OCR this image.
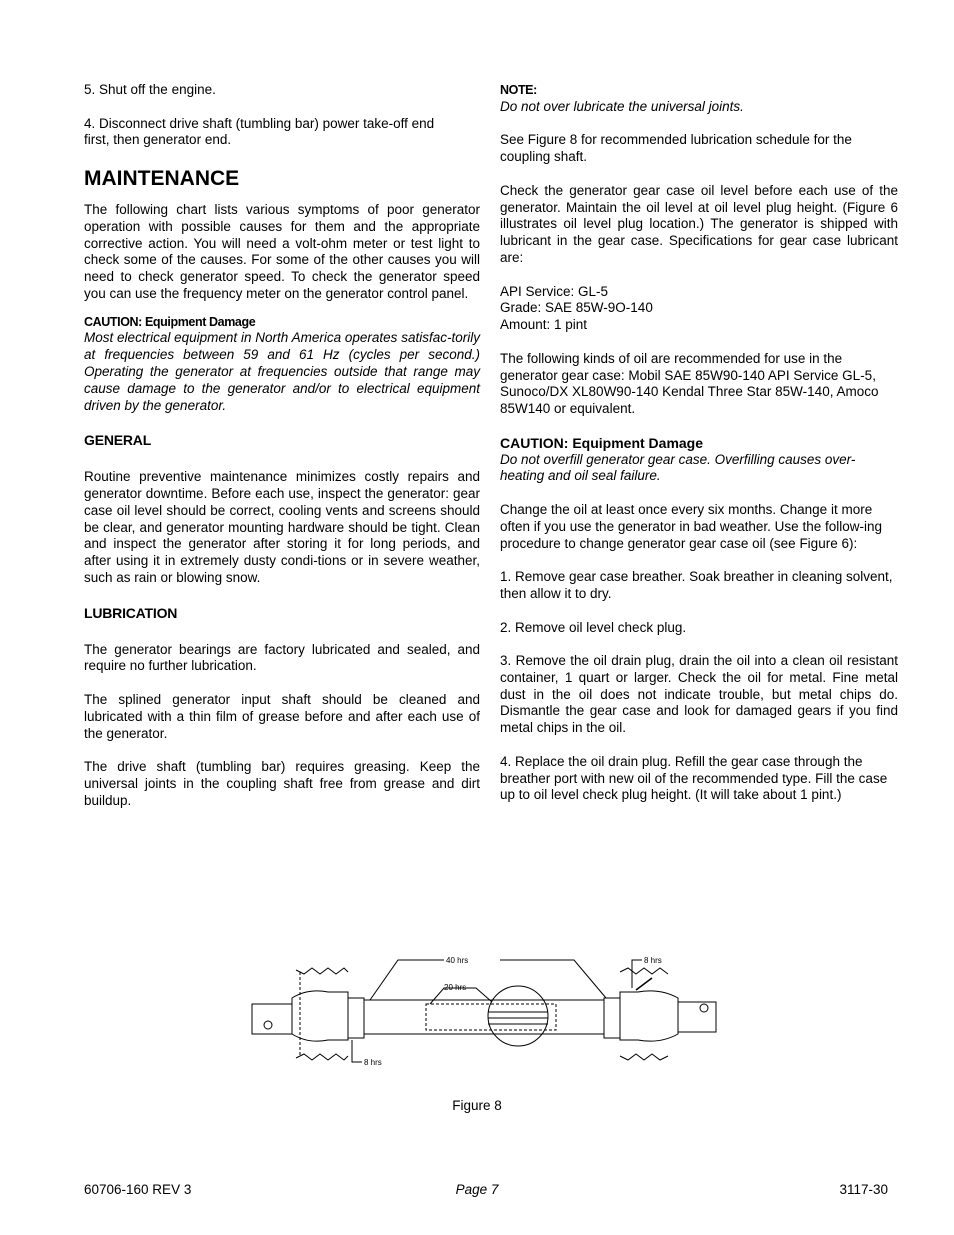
5. Shut off the engine.

4. Disconnect drive shaft (tumbling bar) power take-off end
first, then generator end.

MAINTENANCE

The following chart lists various symptoms of poor generator operation with possible causes for them and the appropriate corrective action. You will need a volt-ohm meter or test light to check some of the causes. For some of the other causes you will need to check generator speed. To check the generator speed you can use the frequency meter on the generator control panel.

CAUTION: Equipment Damage

Most electrical equipment in North America operates satisfac-torily at frequencies between 59 and 61 Hz (cycles per second.) Operating the generator at frequencies outside that range may cause damage to the generator and/or to electrical equipment driven by the generator.

GENERAL

Routine preventive maintenance minimizes costly repairs and generator downtime. Before each use, inspect the generator: gear case oil level should be correct, cooling vents and screens should be clear, and generator mounting hardware should be tight. Clean and inspect the generator after storing it for long periods, and after using it in extremely dusty condi-tions or in severe weather, such as rain or blowing snow.

LUBRICATION

The generator bearings are factory lubricated and sealed, and require no further lubrication.

The splined generator input shaft should be cleaned and lubricated with a thin film of grease before and after each use of the generator.

The drive shaft (tumbling bar) requires greasing. Keep the universal joints in the coupling shaft free from grease and dirt buildup.

NOTE:

Do not over lubricate the universal joints.

See Figure 8 for recommended lubrication schedule for the coupling shaft.

Check the generator gear case oil level before each use of the generator. Maintain the oil level at oil level plug height. (Figure 6 illustrates oil level plug location.) The generator is shipped with lubricant in the gear case. Specifications for gear case lubricant are:

API Service: GL-5
Grade: SAE 85W-9O-140
Amount: 1 pint

The following kinds of oil are recommended for use in the generator gear case: Mobil SAE 85W90-140 API Service GL-5, Sunoco/DX XL80W90-140 Kendal Three Star 85W-140, Amoco 85W140 or equivalent.

CAUTION: Equipment Damage

Do not overfill generator gear case. Overfilling causes over-heating and oil seal failure.

Change the oil at least once every six months. Change it more often if you use the generator in bad weather. Use the follow-ing procedure to change generator gear case oil (see Figure 6):

1. Remove gear case breather. Soak breather in cleaning solvent, then allow it to dry.

2. Remove oil level check plug.

3. Remove the oil drain plug, drain the oil into a clean oil resistant container, 1 quart or larger. Check the oil for metal. Fine metal dust in the oil does not indicate trouble, but metal chips do. Dismantle the gear case and look for damaged gears if you find metal chips in the oil.

4. Replace the oil drain plug. Refill the gear case through the breather port with new oil of the recommended type. Fill the case up to oil level check plug height. (It will take about 1 pint.)

40 hrs
20 hrs
8 hrs
8 hrs
Figure 8
60706-160 REV 3	Page 7	3117-30
